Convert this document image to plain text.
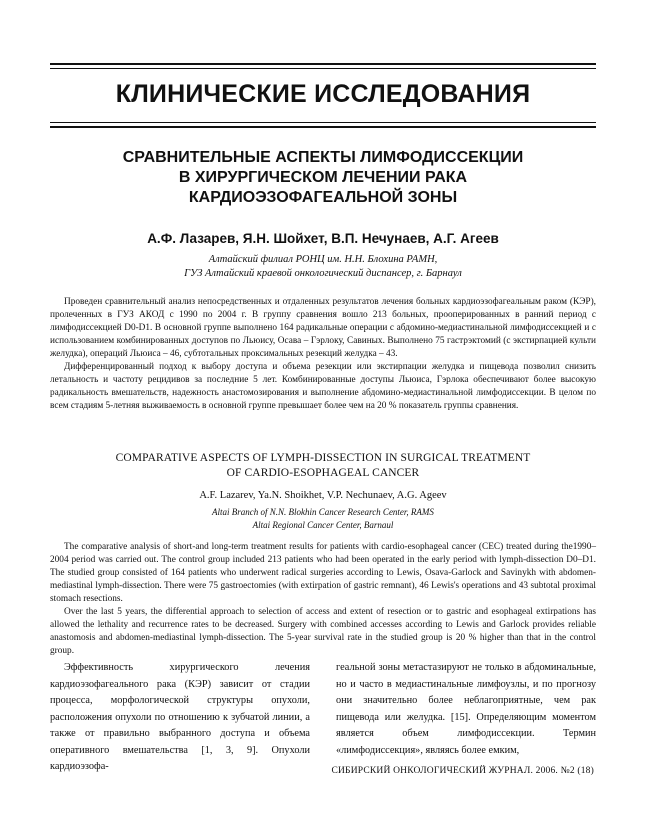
КЛИНИЧЕСКИЕ ИССЛЕДОВАНИЯ
СРАВНИТЕЛЬНЫЕ АСПЕКТЫ ЛИМФОДИССЕКЦИИ
В ХИРУРГИЧЕСКОМ ЛЕЧЕНИИ РАКА
КАРДИОЭЗОФАГЕАЛЬНОЙ ЗОНЫ
А.Ф. Лазарев, Я.Н. Шойхет, В.П. Нечунаев, А.Г. Агеев
Алтайский филиал РОНЦ им. Н.Н. Блохина РАМН,
ГУЗ Алтайский краевой онкологический диспансер, г. Барнаул

Проведен сравнительный анализ непосредственных и отдаленных результатов лечения больных кардиоэзофагеальным раком (КЭР), пролеченных в ГУЗ АКОД с 1990 по 2004 г. В группу сравнения вошло 213 больных, прооперированных в ранний период с лимфодиссекцией D0-D1. В основной группе выполнено 164 радикальные операции с абдомино-медиастинальной лимфодиссекцией и с использованием комбинированных доступов по Льюису, Осава – Гэрлоку, Савиных. Выполнено 75 гастрэктомий (с экстирпацией культи желудка), операций Льюиса – 46, субтотальных проксимальных резекций желудка – 43.

Дифференцированный подход к выбору доступа и объема резекции или экстирпации желудка и пищевода позволил снизить летальность и частоту рецидивов за последние 5 лет. Комбинированные доступы Льюиса, Гэрлока обеспечивают более высокую радикальность вмешательств, надежность анастомозирования и выполнение абдомино-медиастинальной лимфодиссекции. В целом по всем стадиям 5-летняя выживаемость в основной группе превышает более чем на 20 % показатель группы сравнения.

COMPARATIVE ASPECTS OF LYMPH-DISSECTION IN SURGICAL TREATMENT
OF CARDIO-ESOPHAGEAL CANCER
A.F. Lazarev, Ya.N. Shoikhet, V.P. Nechunaev, A.G. Ageev
Altai Branch of N.N. Blokhin Cancer Research Center, RAMS
Altai Regional Cancer Center, Barnaul

The comparative analysis of short-and long-term treatment results for patients with cardio-esophageal cancer (CEC) treated during the1990–2004 period was carried out. The control group included 213 patients who had been operated in the early period with lymph-dissection D0–D1. The studied group consisted of 164 patients who underwent radical surgeries according to Lewis, Osava-Garlock and Savinykh with abdomen-mediastinal lymph-dissection. There were 75 gastroectomies (with extirpation of gastric remnant), 46 Lewis's operations and 43 subtotal proximal stomach resections.

Over the last 5 years, the differential approach to selection of access and extent of resection or to gastric and esophageal extirpations has allowed the lethality and recurrence rates to be decreased. Surgery with combined accesses according to Lewis and Garlock provides reliable anastomosis and abdomen-mediastinal lymph-dissection. The 5-year survival rate in the studied group is 20 % higher than that in the control group.

Эффективность хирургического лечения кардиоэзофагеального рака (КЭР) зависит от стадии процесса, морфологической структуры опухоли, расположения опухоли по отношению к зубчатой линии, а также от правильно выбранного доступа и объема оперативного вмешательства [1, 3, 9]. Опухоли кардиоэзофа-

геальной зоны метастазируют не только в абдоминальные, но и часто в медиастинальные лимфоузлы, и по прогнозу они значительно более неблагоприятные, чем рак пищевода или желудка. [15]. Определяющим моментом является объем лимфодиссекции. Термин «лимфодиссекция», являясь более емким,

СИБИРСКИЙ ОНКОЛОГИЧЕСКИЙ ЖУРНАЛ. 2006. №2 (18)
